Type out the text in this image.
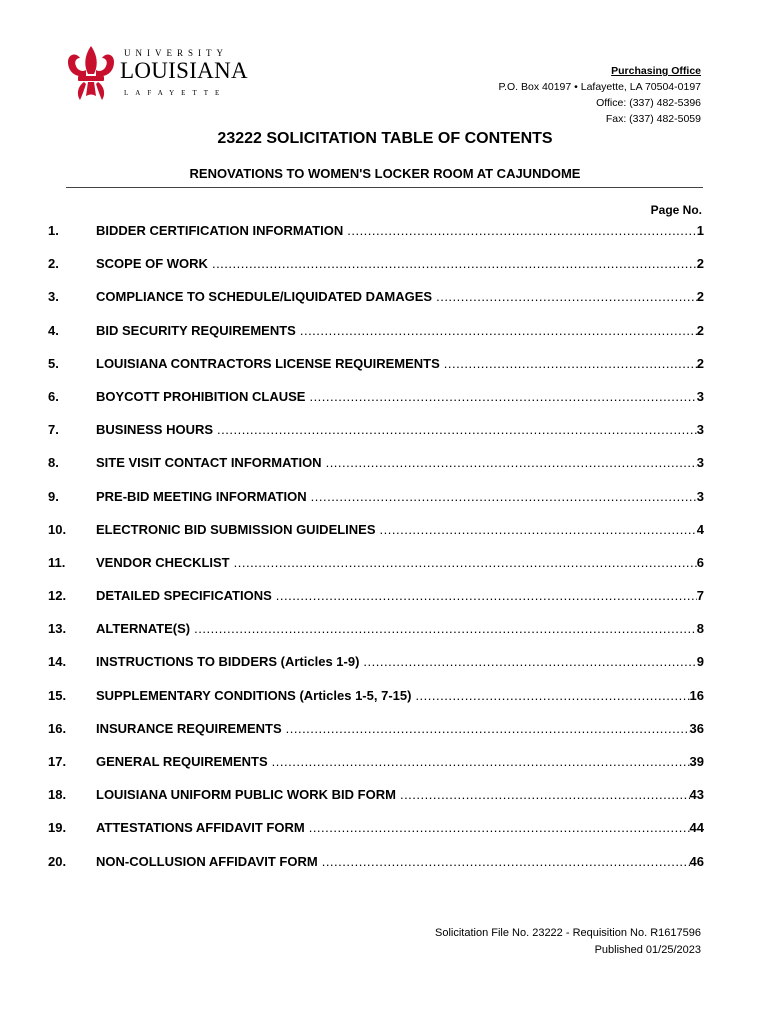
UNIVERSITY
LOUISIANA
LAFAYETTE
Purchasing Office
P.O. Box 40197 • Lafayette, LA 70504-0197
Office: (337) 482-5396
Fax: (337) 482-5059
23222 SOLICITATION TABLE OF CONTENTS
RENOVATIONS TO WOMEN'S LOCKER ROOM AT CAJUNDOME
Page No.
1.	BIDDER CERTIFICATION INFORMATION .....	1
2.	SCOPE OF WORK .....	2
3.	COMPLIANCE TO SCHEDULE/LIQUIDATED DAMAGES .....	2
4.	BID SECURITY REQUIREMENTS .....	2
5.	LOUISIANA CONTRACTORS LICENSE REQUIREMENTS .....	2
6.	BOYCOTT PROHIBITION CLAUSE .....	3
7.	BUSINESS HOURS .....	3
8.	SITE VISIT CONTACT INFORMATION .....	3
9.	PRE-BID MEETING INFORMATION .....	3
10.	ELECTRONIC BID SUBMISSION GUIDELINES .....	4
11.	VENDOR CHECKLIST .....	6
12.	DETAILED SPECIFICATIONS .....	7
13.	ALTERNATE(S) .....	8
14.	INSTRUCTIONS TO BIDDERS (Articles 1-9) .....	9
15.	SUPPLEMENTARY CONDITIONS (Articles 1-5, 7-15) .....	16
16.	INSURANCE REQUIREMENTS .....	36
17.	GENERAL REQUIREMENTS .....	39
18.	LOUISIANA UNIFORM PUBLIC WORK BID FORM .....	43
19.	ATTESTATIONS AFFIDAVIT FORM .....	44
20.	NON-COLLUSION AFFIDAVIT FORM .....	46
Solicitation File No. 23222 - Requisition No. R1617596
Published 01/25/2023
